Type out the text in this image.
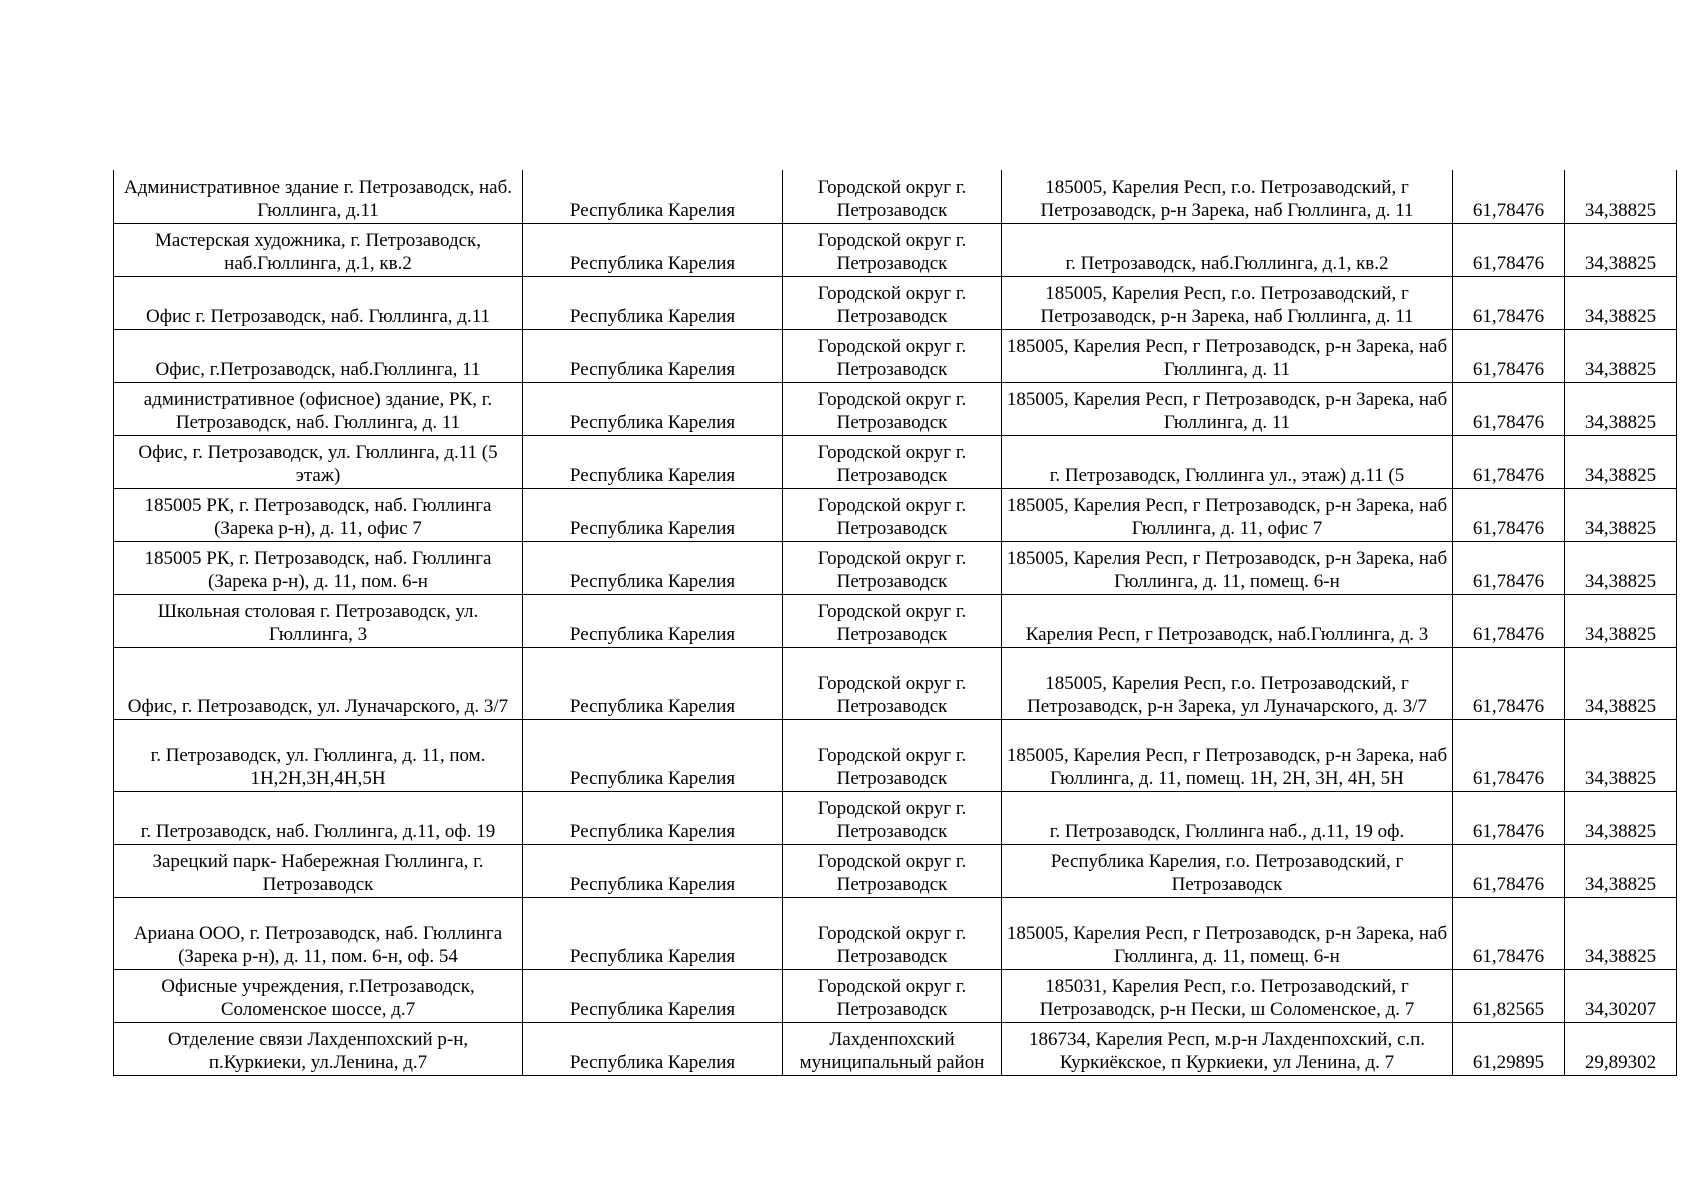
Административное здание г. Петрозаводск, наб. Гюллинга, д.11	Республика Карелия	Городской округ г. Петрозаводск	185005, Карелия Респ, г.о. Петрозаводский, г Петрозаводск, р-н Зарека, наб Гюллинга, д. 11	61,78476	34,38825
Мастерская художника, г. Петрозаводск, наб.Гюллинга, д.1, кв.2	Республика Карелия	Городской округ г. Петрозаводск	г. Петрозаводск, наб.Гюллинга, д.1, кв.2	61,78476	34,38825
Офис г. Петрозаводск, наб. Гюллинга, д.11	Республика Карелия	Городской округ г. Петрозаводск	185005, Карелия Респ, г.о. Петрозаводский, г Петрозаводск, р-н Зарека, наб Гюллинга, д. 11	61,78476	34,38825
Офис, г.Петрозаводск, наб.Гюллинга, 11	Республика Карелия	Городской округ г. Петрозаводск	185005, Карелия Респ, г Петрозаводск, р-н Зарека, наб Гюллинга, д. 11	61,78476	34,38825
административное (офисное) здание, РК, г. Петрозаводск, наб. Гюллинга, д. 11	Республика Карелия	Городской округ г. Петрозаводск	185005, Карелия Респ, г Петрозаводск, р-н Зарека, наб Гюллинга, д. 11	61,78476	34,38825
Офис, г. Петрозаводск, ул. Гюллинга, д.11 (5 этаж)	Республика Карелия	Городской округ г. Петрозаводск	г. Петрозаводск, Гюллинга ул., этаж) д.11 (5	61,78476	34,38825
185005 РК, г. Петрозаводск, наб. Гюллинга (Зарека р-н), д. 11, офис 7	Республика Карелия	Городской округ г. Петрозаводск	185005, Карелия Респ, г Петрозаводск, р-н Зарека, наб Гюллинга, д. 11, офис 7	61,78476	34,38825
185005 РК, г. Петрозаводск, наб. Гюллинга (Зарека р-н), д. 11, пом. 6-н	Республика Карелия	Городской округ г. Петрозаводск	185005, Карелия Респ, г Петрозаводск, р-н Зарека, наб Гюллинга, д. 11, помещ. 6-н	61,78476	34,38825
Школьная столовая г. Петрозаводск, ул. Гюллинга, 3	Республика Карелия	Городской округ г. Петрозаводск	Карелия Респ, г Петрозаводск, наб.Гюллинга, д. 3	61,78476	34,38825
Офис, г. Петрозаводск, ул. Луначарского, д. 3/7	Республика Карелия	Городской округ г. Петрозаводск	185005, Карелия Респ, г.о. Петрозаводский, г Петрозаводск, р-н Зарека, ул Луначарского, д. 3/7	61,78476	34,38825
г. Петрозаводск, ул. Гюллинга, д. 11, пом. 1Н,2Н,3Н,4Н,5Н	Республика Карелия	Городской округ г. Петрозаводск	185005, Карелия Респ, г Петрозаводск, р-н Зарека, наб Гюллинга, д. 11, помещ. 1Н, 2Н, 3Н, 4Н, 5Н	61,78476	34,38825
г. Петрозаводск, наб. Гюллинга, д.11, оф. 19	Республика Карелия	Городской округ г. Петрозаводск	г. Петрозаводск, Гюллинга наб., д.11, 19 оф.	61,78476	34,38825
Зарецкий парк- Набережная Гюллинга, г. Петрозаводск	Республика Карелия	Городской округ г. Петрозаводск	Республика Карелия, г.о. Петрозаводский, г Петрозаводск	61,78476	34,38825
Ариана ООО, г. Петрозаводск, наб. Гюллинга (Зарека р-н), д. 11, пом. 6-н, оф. 54	Республика Карелия	Городской округ г. Петрозаводск	185005, Карелия Респ, г Петрозаводск, р-н Зарека, наб Гюллинга, д. 11, помещ. 6-н	61,78476	34,38825
Офисные учреждения, г.Петрозаводск, Соломенское шоссе, д.7	Республика Карелия	Городской округ г. Петрозаводск	185031, Карелия Респ, г.о. Петрозаводский, г Петрозаводск, р-н Пески, ш Соломенское, д. 7	61,82565	34,30207
Отделение связи Лахденпохский р-н, п.Куркиеки, ул.Ленина, д.7	Республика Карелия	Лахденпохский муниципальный район	186734, Карелия Респ, м.р-н Лахденпохский, с.п. Куркиёкское, п Куркиеки, ул Ленина, д. 7	61,29895	29,89302
